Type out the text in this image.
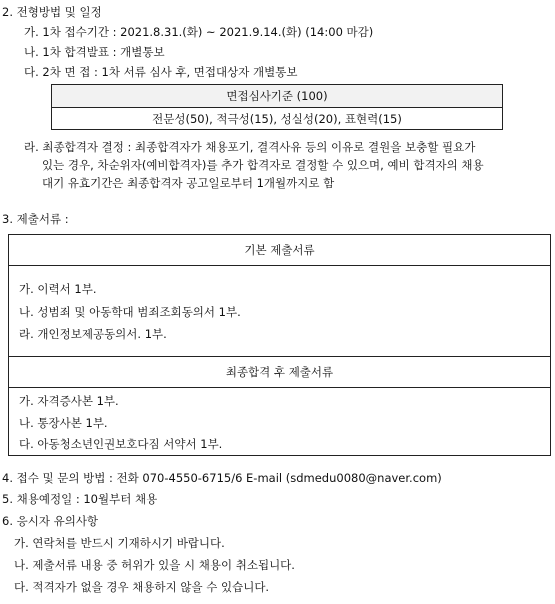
2. 전형방법 및 일정
가. 1차 접수기간 : 2021.8.31.(화) ~ 2021.9.14.(화) (14:00 마감)
나. 1차 합격발표 : 개별통보
다. 2차 면 접 : 1차 서류 심사 후, 면접대상자 개별통보
면접심사기준 (100)
전문성(50), 적극성(15), 성실성(20), 표현력(15)
라. 최종합격자 결정 : 최종합격자가 채용포기, 결격사유 등의 이유로 결원을 보충할 필요가
있는 경우, 차순위자(예비합격자)를 추가 합격자로 결정할 수 있으며, 예비 합격자의 채용
대기 유효기간은 최종합격자 공고일로부터 1개월까지로 함
3. 제출서류 :
기본 제출서류
가. 이력서 1부.
나. 성범죄 및 아동학대 범죄조회동의서 1부.
라. 개인정보제공동의서. 1부.
최종합격 후 제출서류
가. 자격증사본 1부.
나. 통장사본 1부.
다. 아동청소년인권보호다짐 서약서 1부.
4. 접수 및 문의 방법 : 전화 070-4550-6715/6 E-mail (sdmedu0080@naver.com)
5. 채용예정일 : 10월부터 채용
6. 응시자 유의사항
가. 연락처를 반드시 기재하시기 바랍니다.
나. 제출서류 내용 중 허위가 있을 시 채용이 취소됩니다.
다. 적격자가 없을 경우 채용하지 않을 수 있습니다.
